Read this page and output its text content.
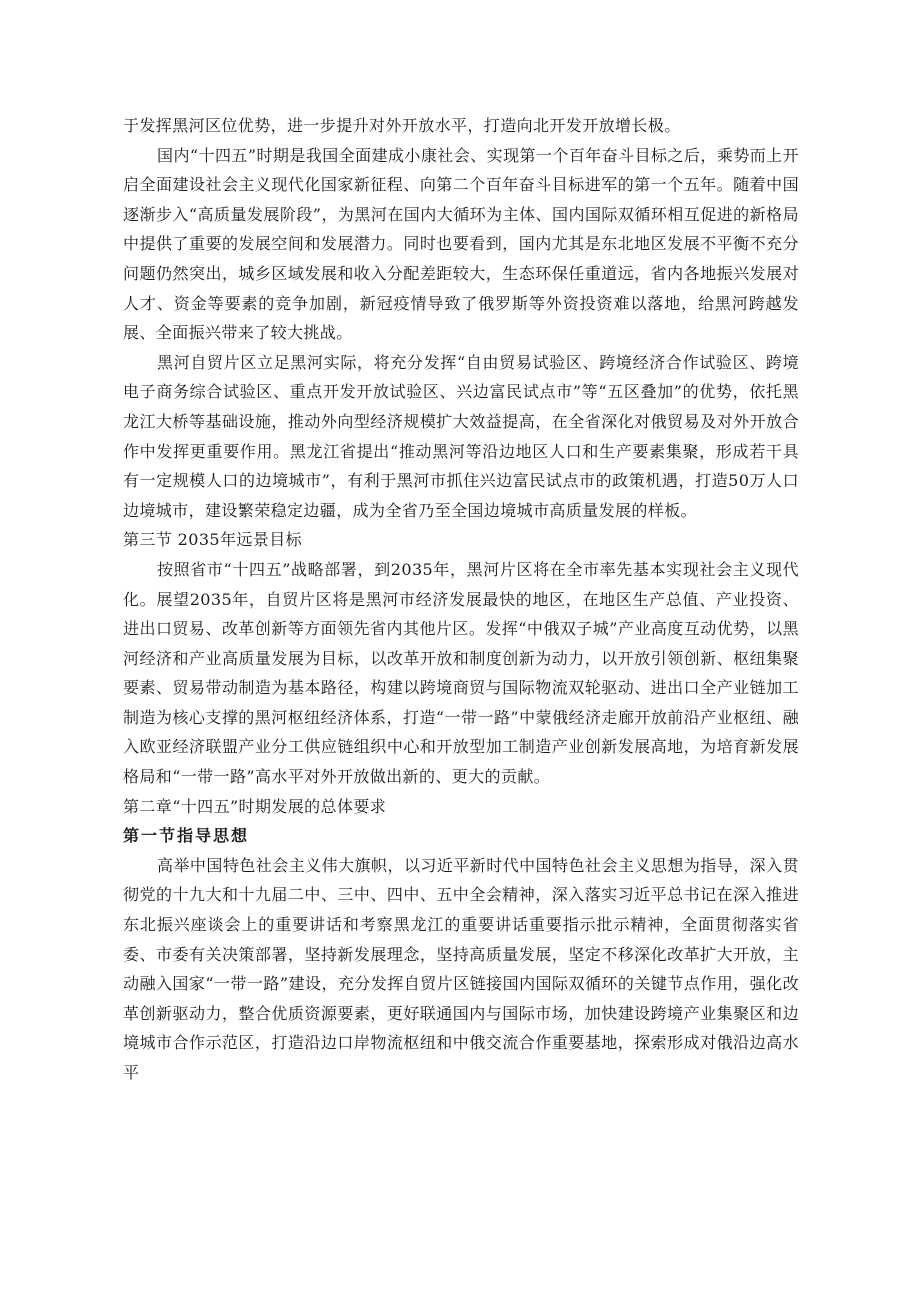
于发挥黑河区位优势，进一步提升对外开放水平，打造向北开发开放增长极。

国内“十四五”时期是我国全面建成小康社会、实现第一个百年奋斗目标之后，乘势而上开启全面建设社会主义现代化国家新征程、向第二个百年奋斗目标进军的第一个五年。随着中国逐渐步入“高质量发展阶段”，为黑河在国内大循环为主体、国内国际双循环相互促进的新格局中提供了重要的发展空间和发展潜力。同时也要看到，国内尤其是东北地区发展不平衡不充分问题仍然突出，城乡区域发展和收入分配差距较大，生态环保任重道远，省内各地振兴发展对人才、资金等要素的竞争加剧，新冠疫情导致了俄罗斯等外资投资难以落地，给黑河跨越发展、全面振兴带来了较大挑战。

黑河自贸片区立足黑河实际，将充分发挥“自由贸易试验区、跨境经济合作试验区、跨境电子商务综合试验区、重点开发开放试验区、兴边富民试点市”等“五区叠加”的优势，依托黑龙江大桥等基础设施，推动外向型经济规模扩大效益提高，在全省深化对俄贸易及对外开放合作中发挥更重要作用。黑龙江省提出“推动黑河等沿边地区人口和生产要素集聚，形成若干具有一定规模人口的边境城市”，有利于黑河市抓住兴边富民试点市的政策机遇，打造50万人口边境城市，建设繁荣稳定边疆，成为全省乃至全国边境城市高质量发展的样板。

第三节 2035年远景目标

按照省市“十四五”战略部署，到2035年，黑河片区将在全市率先基本实现社会主义现代化。展望2035年，自贸片区将是黑河市经济发展最快的地区，在地区生产总值、产业投资、进出口贸易、改革创新等方面领先省内其他片区。发挥“中俄双子城”产业高度互动优势，以黑河经济和产业高质量发展为目标，以改革开放和制度创新为动力，以开放引领创新、枢纽集聚要素、贸易带动制造为基本路径，构建以跨境商贸与国际物流双轮驱动、进出口全产业链加工制造为核心支撑的黑河枢纽经济体系，打造“一带一路”中蒙俄经济走廊开放前沿产业枢纽、融入欧亚经济联盟产业分工供应链组织中心和开放型加工制造产业创新发展高地，为培育新发展格局和“一带一路”高水平对外开放做出新的、更大的贡献。

第二章“十四五”时期发展的总体要求

第一节指导思想

高举中国特色社会主义伟大旗帜，以习近平新时代中国特色社会主义思想为指导，深入贯彻党的十九大和十九届二中、三中、四中、五中全会精神，深入落实习近平总书记在深入推进东北振兴座谈会上的重要讲话和考察黑龙江的重要讲话重要指示批示精神，全面贯彻落实省委、市委有关决策部署，坚持新发展理念，坚持高质量发展，坚定不移深化改革扩大开放，主动融入国家“一带一路”建设，充分发挥自贸片区链接国内国际双循环的关键节点作用，强化改革创新驱动力，整合优质资源要素，更好联通国内与国际市场，加快建设跨境产业集聚区和边境城市合作示范区，打造沿边口岸物流枢纽和中俄交流合作重要基地，探索形成对俄沿边高水平
